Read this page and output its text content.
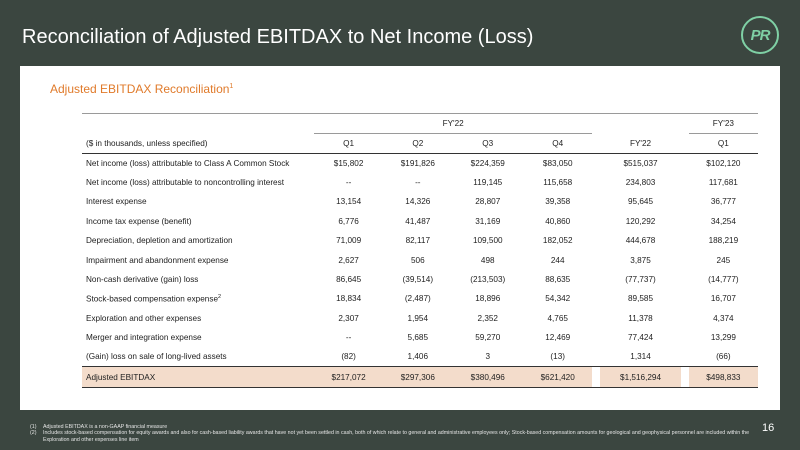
Reconciliation of Adjusted EBITDAX to Net Income (Loss)	PR
Adjusted EBITDAX Reconciliation$^1$
	FY'22							FY'23
($ in thousands, unless specified)	Q1	Q2	Q3	Q4		FY'22		Q1
Net income (loss) attributable to Class A Common Stock	$15,802	$191,826	$224,359	$83,050		$515,037		$102,120
Net income (loss) attributable to noncontrolling interest	--	--	119,145	115,658		234,803		117,681
Interest expense	13,154	14,326	28,807	39,358		95,645		36,777
Income tax expense (benefit)	6,776	41,487	31,169	40,860		120,292		34,254
Depreciation, depletion and amortization	71,009	82,117	109,500	182,052		444,678		188,219
Impairment and abandonment expense	2,627	506	498	244		3,875		245
Non-cash derivative (gain) loss	86,645	(39,514)	(213,503)	88,635		(77,737)		(14,777)
Stock-based compensation expense$^2$	18,834	(2,487)	18,896	54,342		89,585		16,707
Exploration and other expenses	2,307	1,954	2,352	4,765		11,378		4,374
Merger and integration expense	--	5,685	59,270	12,469		77,424		13,299
(Gain) loss on sale of long-lived assets	(82)	1,406	3	(13)		1,314		(66)
Adjusted EBITDAX	$217,072	$297,306	$380,496	$621,420		$1,516,294		$498,833
(1)	Adjusted EBITDAX is a non-GAAP financial measure
(2)	Includes stock-based compensation for equity awards and also for cash-based liability awards that have not yet been settled in cash, both of which relate to general and administrative employees only; Stock-based compensation amounts for geological and geophysical personnel are included within the Exploration and other expenses line item
16
